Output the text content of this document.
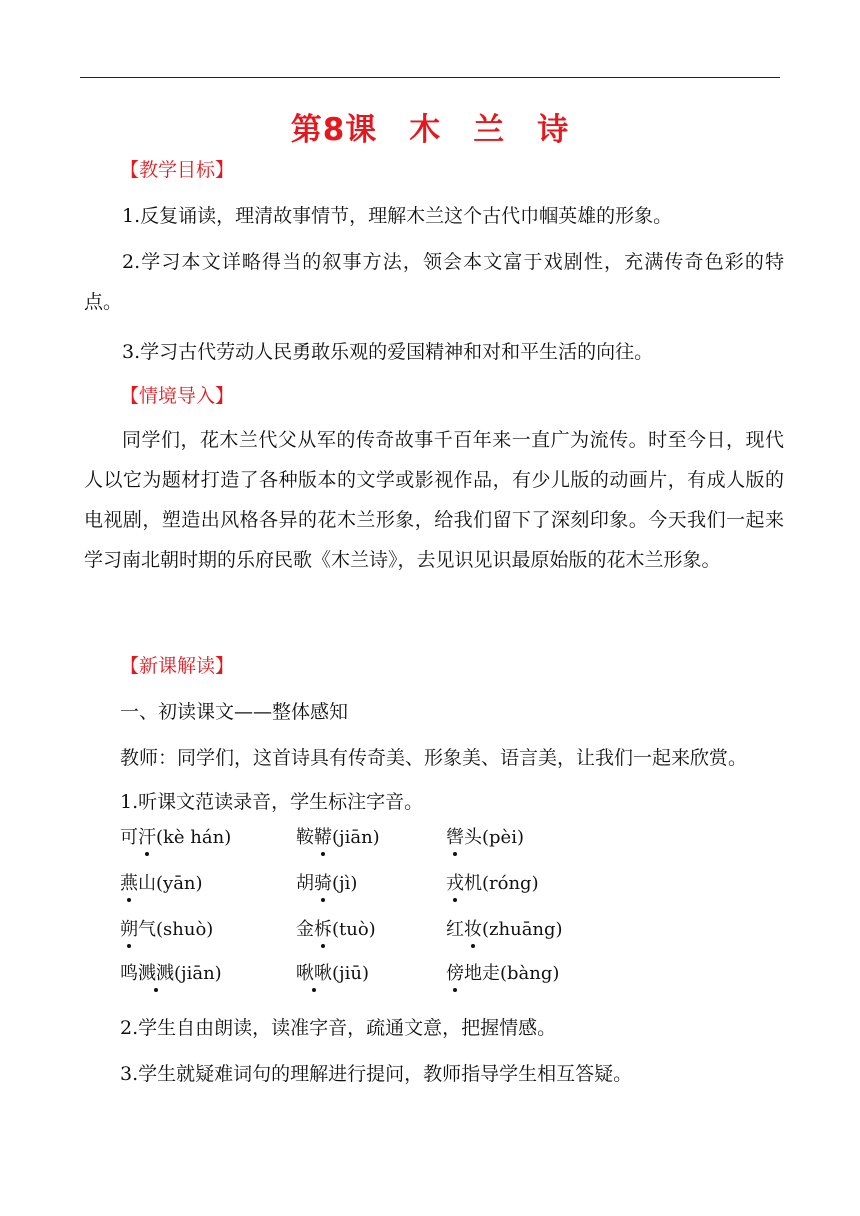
第8课　木　兰　诗
【教学目标】

1.反复诵读，理清故事情节，理解木兰这个古代巾帼英雄的形象。

2.学习本文详略得当的叙事方法，领会本文富于戏剧性，充满传奇色彩的特点。

3.学习古代劳动人民勇敢乐观的爱国精神和对和平生活的向往。

【情境导入】

同学们，花木兰代父从军的传奇故事千百年来一直广为流传。时至今日，现代人以它为题材打造了各种版本的文学或影视作品，有少儿版的动画片，有成人版的电视剧，塑造出风格各异的花木兰形象，给我们留下了深刻印象。今天我们一起来学习南北朝时期的乐府民歌《木兰诗》，去见识见识最原始版的花木兰形象。

【新课解读】
一、初读课文——整体感知
教师：同学们，这首诗具有传奇美、形象美、语言美，让我们一起来欣赏。
1.听课文范读录音，学生标注字音。
可汗(kè hán)	鞍鞯(jiān)	辔头(pèi)
燕山(yān)	胡骑(jì)	戎机(róng)
朔气(shuò)	金柝(tuò)	红妆(zhuāng)
鸣溅溅(jiān)	啾啾(jiū)	傍地走(bàng)
2.学生自由朗读，读准字音，疏通文意，把握情感。
3.学生就疑难词句的理解进行提问，教师指导学生相互答疑。
